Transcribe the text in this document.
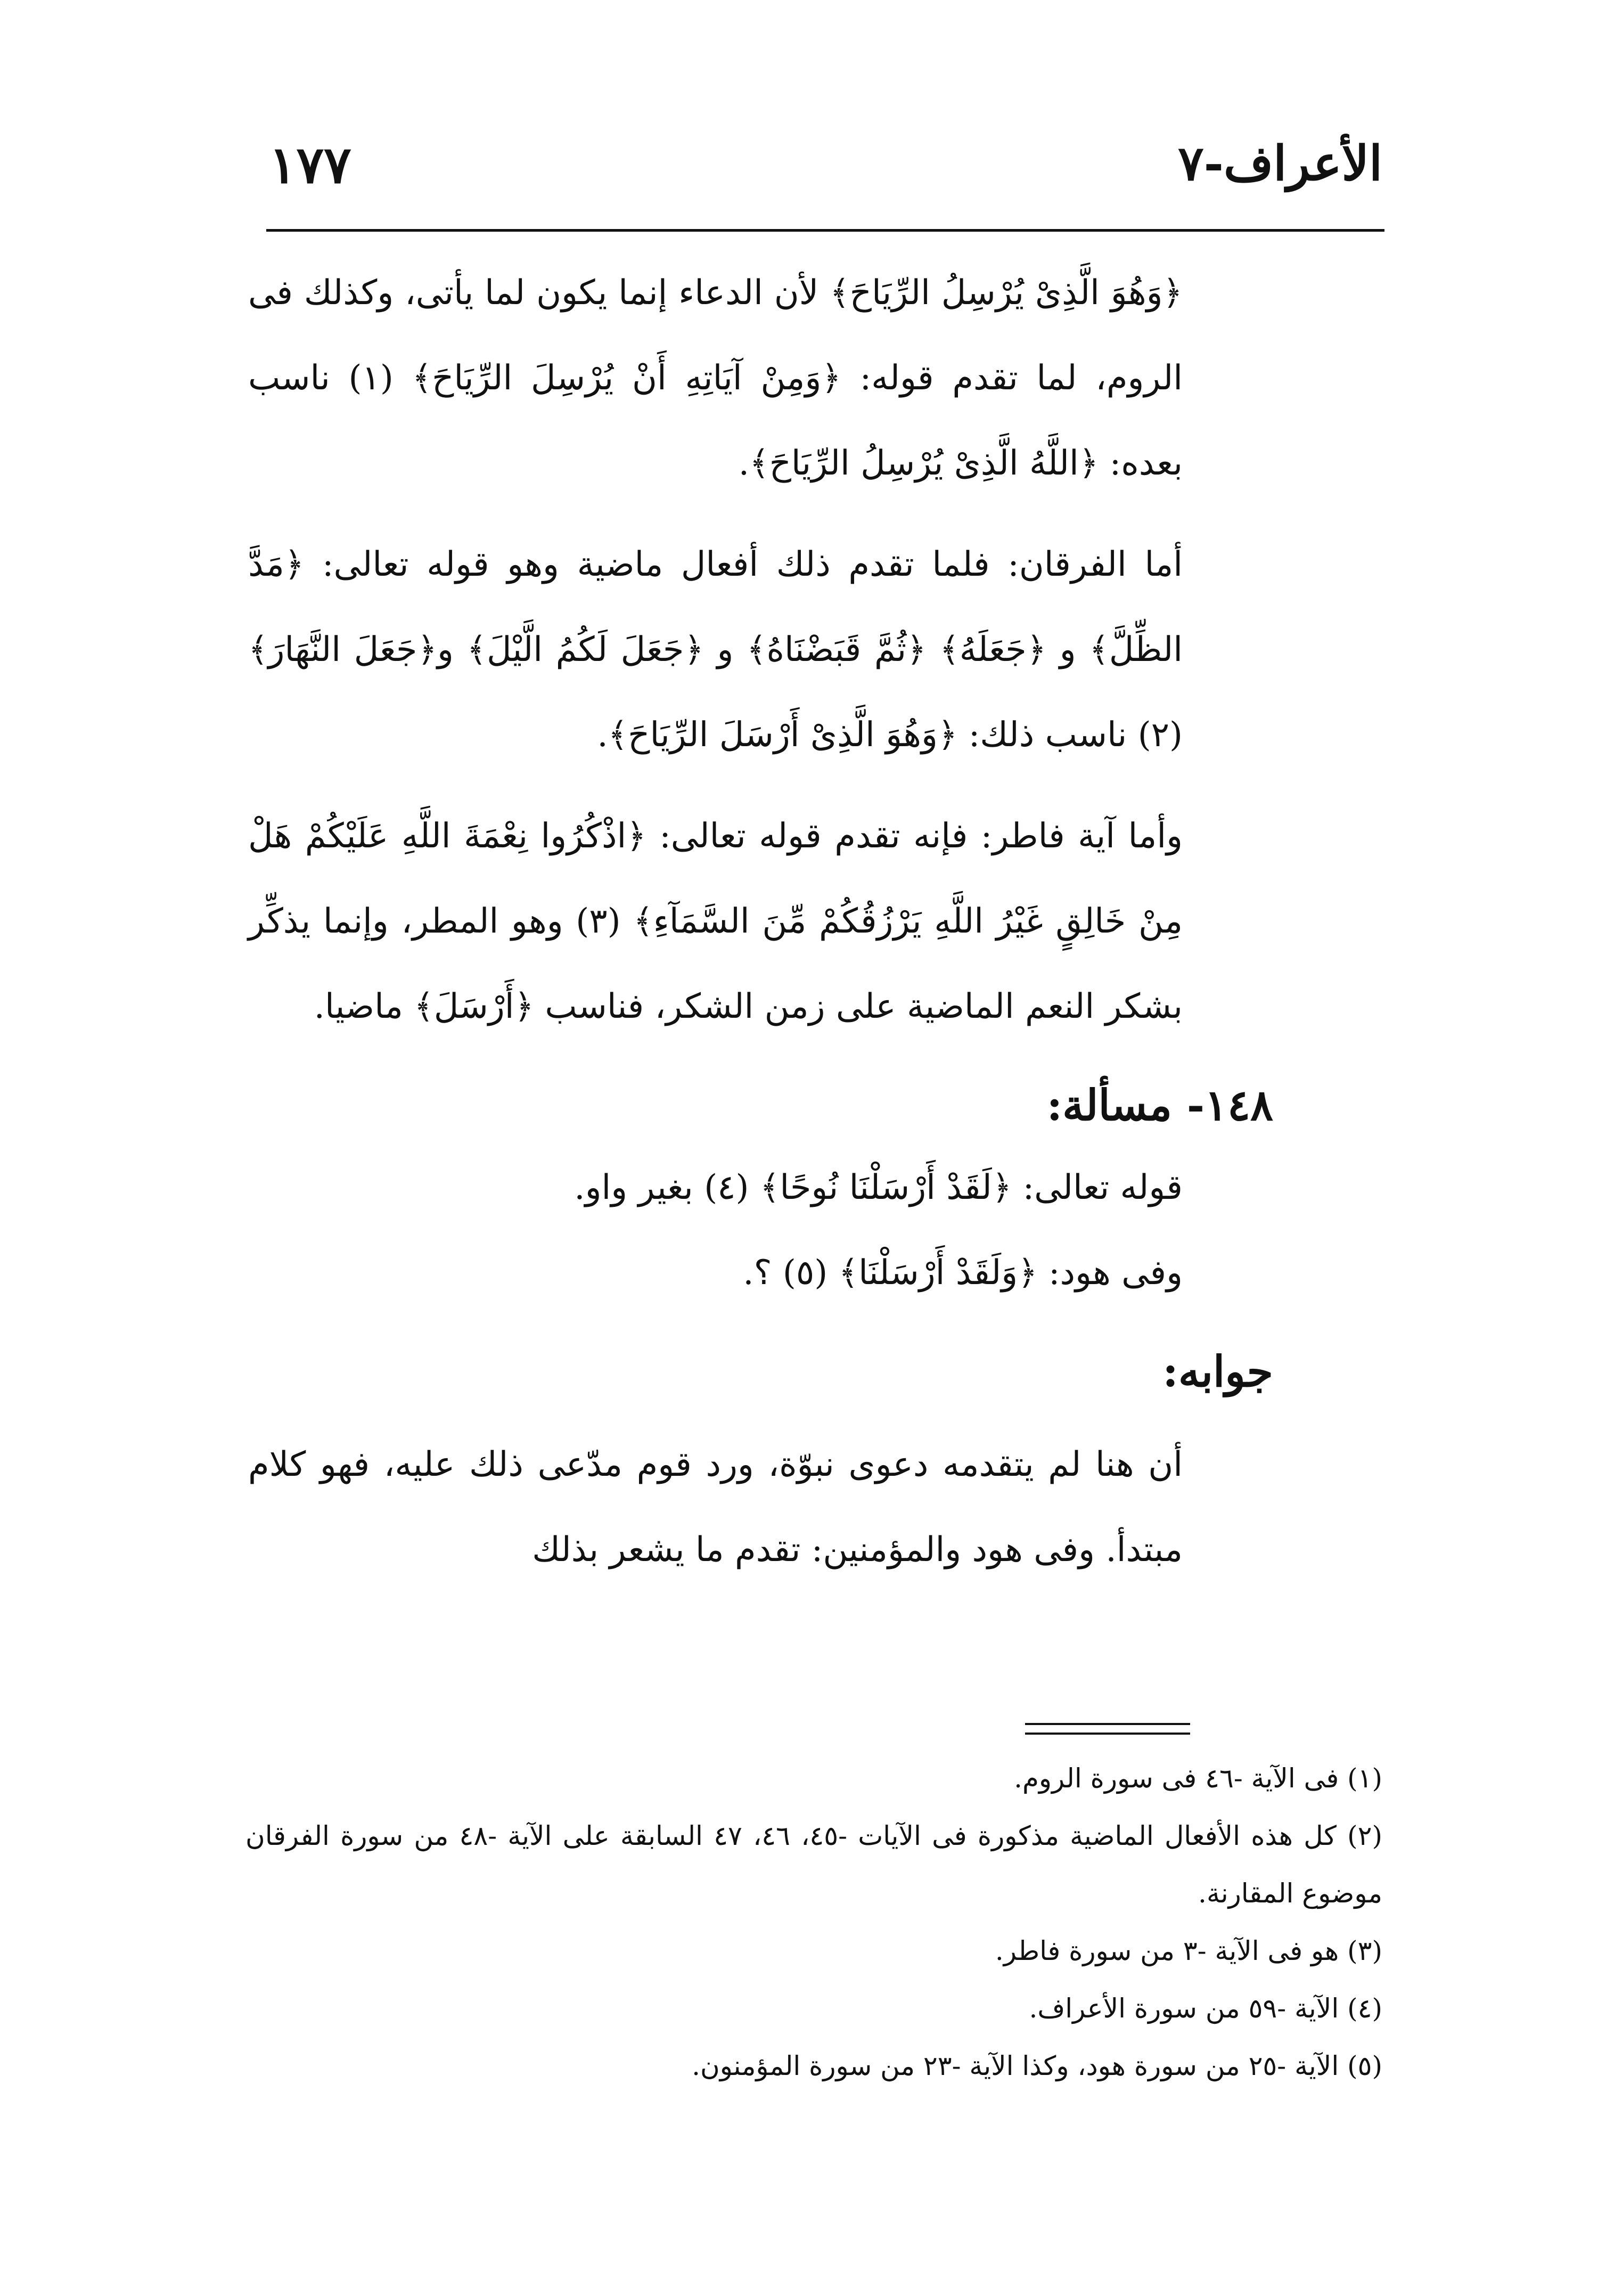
الأعراف-٧
١٧٧

﴿وَهُوَ الَّذِىْ يُرْسِلُ الرِّيَاحَ﴾ لأن الدعاء إنما يكون لما يأتى، وكذلك فى الروم، لما تقدم قوله: ﴿وَمِنْ آيَاتِهِ أَنْ يُرْسِلَ الرِّيَاحَ﴾ (١) ناسب بعده: ﴿اللَّهُ الَّذِىْ يُرْسِلُ الرِّيَاحَ﴾.

أما الفرقان: فلما تقدم ذلك أفعال ماضية وهو قوله تعالى: ﴿مَدَّ الظِّلَّ﴾ و ﴿جَعَلَهُ﴾ ﴿ثُمَّ قَبَضْنَاهُ﴾ و ﴿جَعَلَ لَكُمُ الَّيْلَ﴾ و﴿جَعَلَ النَّهَارَ﴾ (٢) ناسب ذلك: ﴿وَهُوَ الَّذِىْ أَرْسَلَ الرِّيَاحَ﴾.

وأما آية فاطر: فإنه تقدم قوله تعالى: ﴿اذْكُرُوا نِعْمَةَ اللَّهِ عَلَيْكُمْ هَلْ مِنْ خَالِقٍ غَيْرُ اللَّهِ يَرْزُقُكُمْ مِّنَ السَّمَآءِ﴾ (٣) وهو المطر، وإنما يذكِّر بشكر النعم الماضية على زمن الشكر، فناسب ﴿أَرْسَلَ﴾ ماضيا.

١٤٨- مسألة:

قوله تعالى: ﴿لَقَدْ أَرْسَلْنَا نُوحًا﴾ (٤) بغير واو.

وفى هود: ﴿وَلَقَدْ أَرْسَلْنَا﴾ (٥) ؟.

جوابه:

أن هنا لم يتقدمه دعوى نبوّة، ورد قوم مدّعى ذلك عليه، فهو كلام مبتدأ. وفى هود والمؤمنين: تقدم ما يشعر بذلك

(١) فى الآية -٤٦ فى سورة الروم.

(٢) كل هذه الأفعال الماضية مذكورة فى الآيات -٤٥، ٤٦، ٤٧ السابقة على الآية -٤٨ من سورة الفرقان موضوع المقارنة.

(٣) هو فى الآية -٣ من سورة فاطر.

(٤) الآية -٥٩ من سورة الأعراف.

(٥) الآية -٢٥ من سورة هود، وكذا الآية -٢٣ من سورة المؤمنون.
